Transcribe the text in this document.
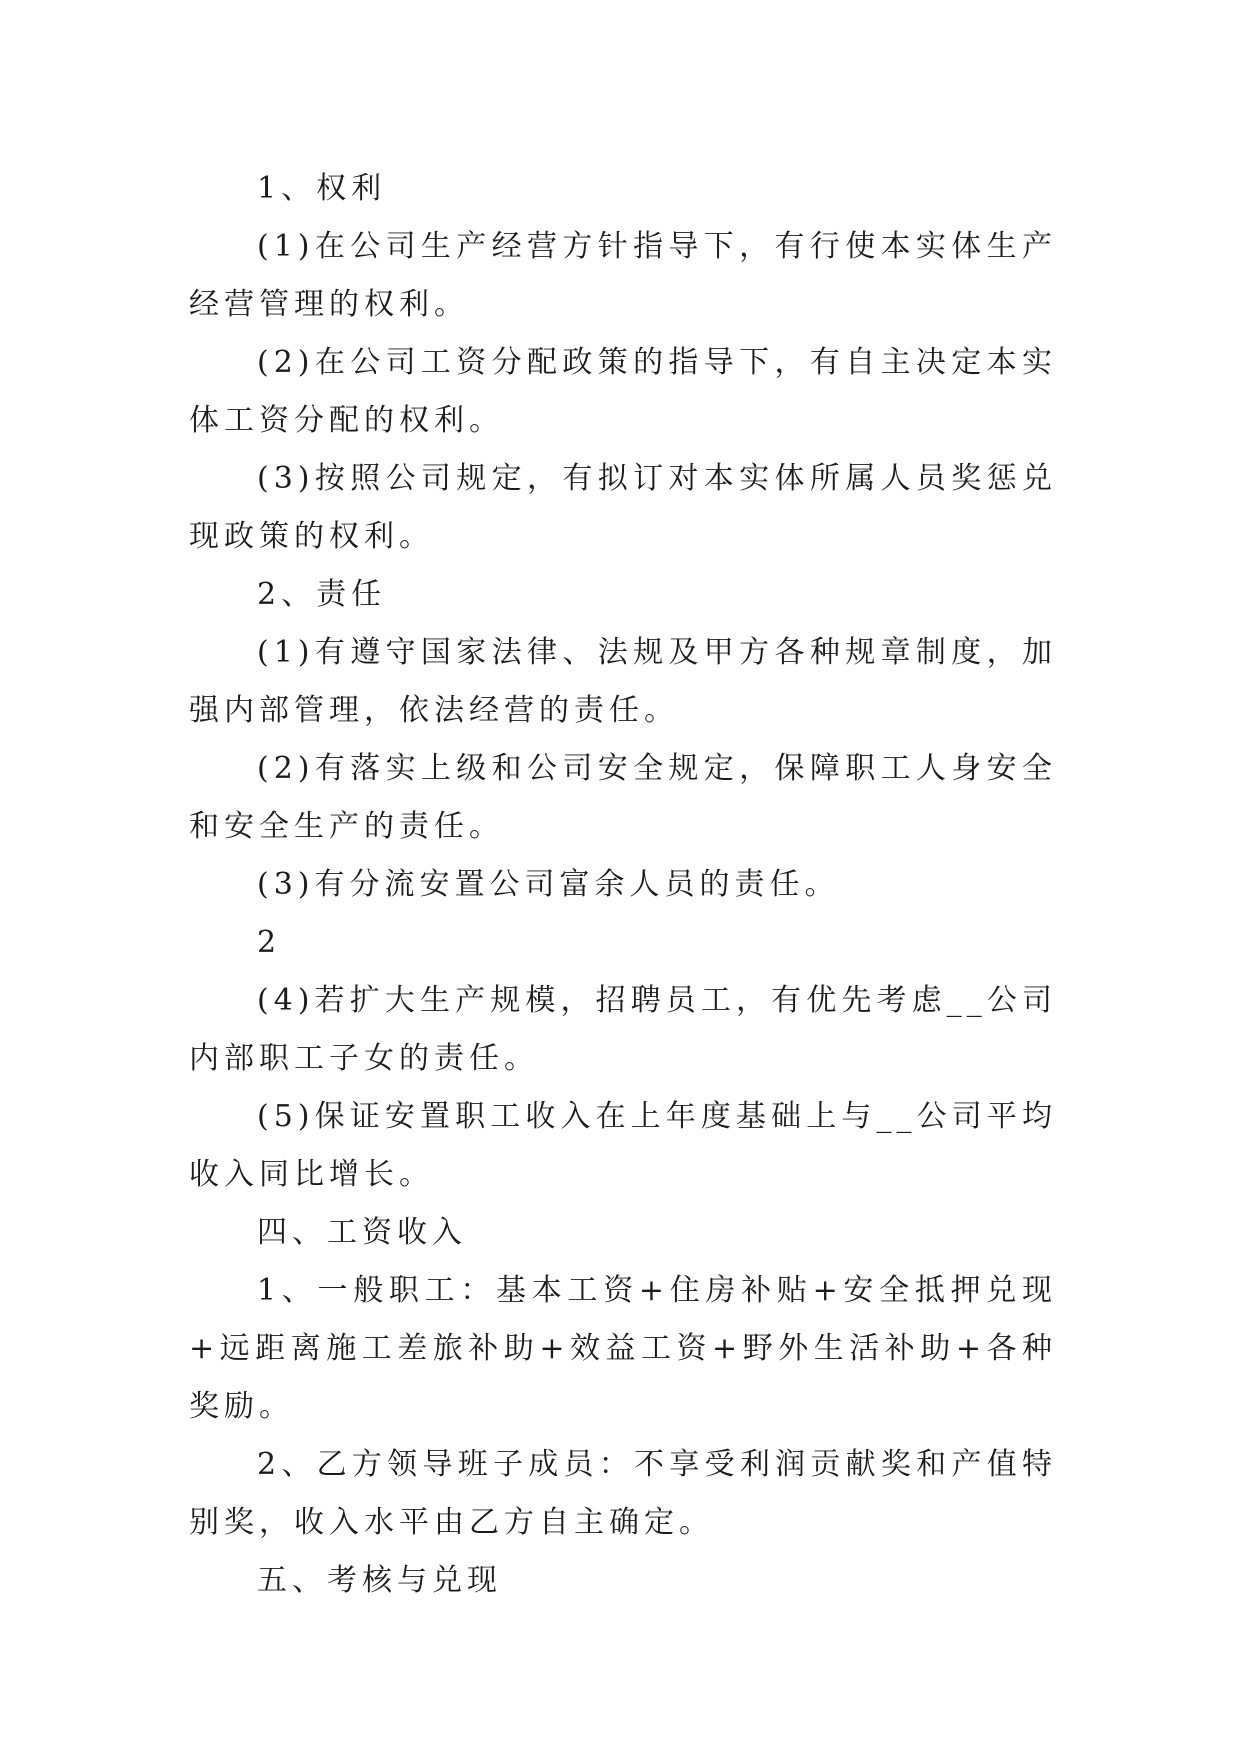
1、权利

(1)在公司生产经营方针指导下，有行使本实体生产经营管理的权利。

(2)在公司工资分配政策的指导下，有自主决定本实体工资分配的权利。

(3)按照公司规定，有拟订对本实体所属人员奖惩兑现政策的权利。

2、责任

(1)有遵守国家法律、法规及甲方各种规章制度，加强内部管理，依法经营的责任。

(2)有落实上级和公司安全规定，保障职工人身安全和安全生产的责任。

(3)有分流安置公司富余人员的责任。

2

(4)若扩大生产规模，招聘员工，有优先考虑__公司内部职工子女的责任。

(5)保证安置职工收入在上年度基础上与__公司平均收入同比增长。

四、工资收入

1、一般职工：基本工资+住房补贴+安全抵押兑现+远距离施工差旅补助+效益工资+野外生活补助+各种奖励。

2、乙方领导班子成员：不享受利润贡献奖和产值特别奖，收入水平由乙方自主确定。

五、考核与兑现
